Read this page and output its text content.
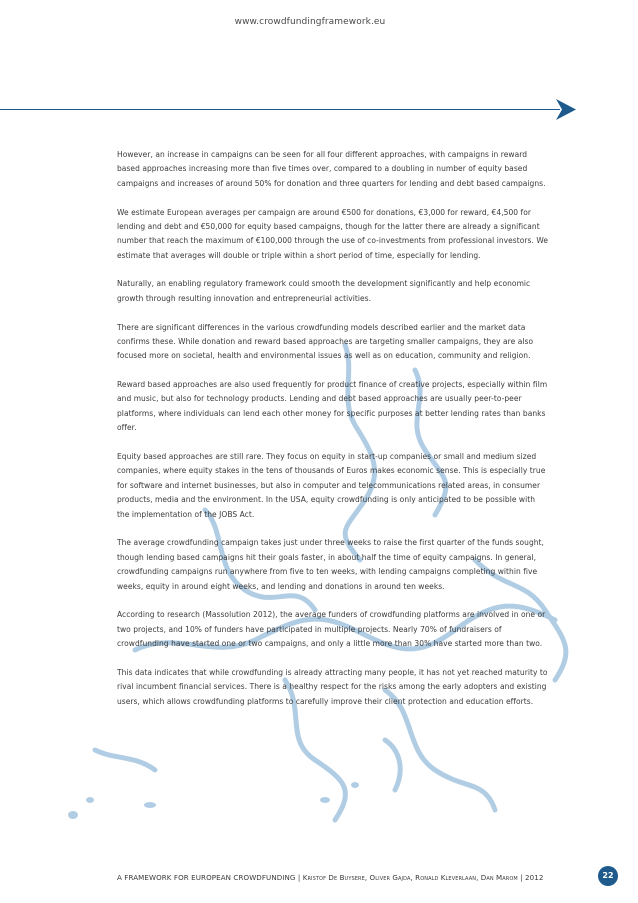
www.crowdfundingframework.eu

However, an increase in campaigns can be seen for all four different approaches, with campaigns in reward based approaches increasing more than five times over, compared to a doubling in number of equity based campaigns and increases of around 50% for donation and three quarters for lending and debt based campaigns.

We estimate European averages per campaign are around €500 for donations, €3,000 for reward, €4,500 for lending and debt and €50,000 for equity based campaigns, though for the latter there are already a significant number that reach the maximum of €100,000 through the use of co-investments from professional investors. We estimate that averages will double or triple within a short period of time, especially for lending.

Naturally, an enabling regulatory framework could smooth the development significantly and help economic growth through resulting innovation and entrepreneurial activities.

There are significant differences in the various crowdfunding models described earlier and the market data confirms these. While donation and reward based approaches are targeting smaller campaigns, they are also focused more on societal, health and environmental issues as well as on education, community and religion.

Reward based approaches are also used frequently for product finance of creative projects, especially within film and music, but also for technology products. Lending and debt based approaches are usually peer-to-peer platforms, where individuals can lend each other money for specific purposes at better lending rates than banks offer.

Equity based approaches are still rare. They focus on equity in start-up companies or small and medium sized companies, where equity stakes in the tens of thousands of Euros makes economic sense. This is especially true for software and internet businesses, but also in computer and telecommunications related areas, in consumer products, media and the environment. In the USA, equity crowdfunding is only anticipated to be possible with the implementation of the JOBS Act.

The average crowdfunding campaign takes just under three weeks to raise the first quarter of the funds sought, though lending based campaigns hit their goals faster, in about half the time of equity campaigns. In general, crowdfunding campaigns run anywhere from five to ten weeks, with lending campaigns completing within five weeks, equity in around eight weeks, and lending and donations in around ten weeks.

According to research (Massolution 2012), the average funders of crowdfunding platforms are involved in one or two projects, and 10% of funders have participated in multiple projects. Nearly 70% of fundraisers of crowdfunding have started one or two campaigns, and only a little more than 30% have started more than two.

This data indicates that while crowdfunding is already attracting many people, it has not yet reached maturity to rival incumbent financial services. There is a healthy respect for the risks among the early adopters and existing users, which allows crowdfunding platforms to carefully improve their client protection and education efforts.

A FRAMEWORK FOR EUROPEAN CROWDFUNDING | Kristof De Buysere, Oliver Gajda, Ronald Kleverlaan, Dan Marom | 2012	22
